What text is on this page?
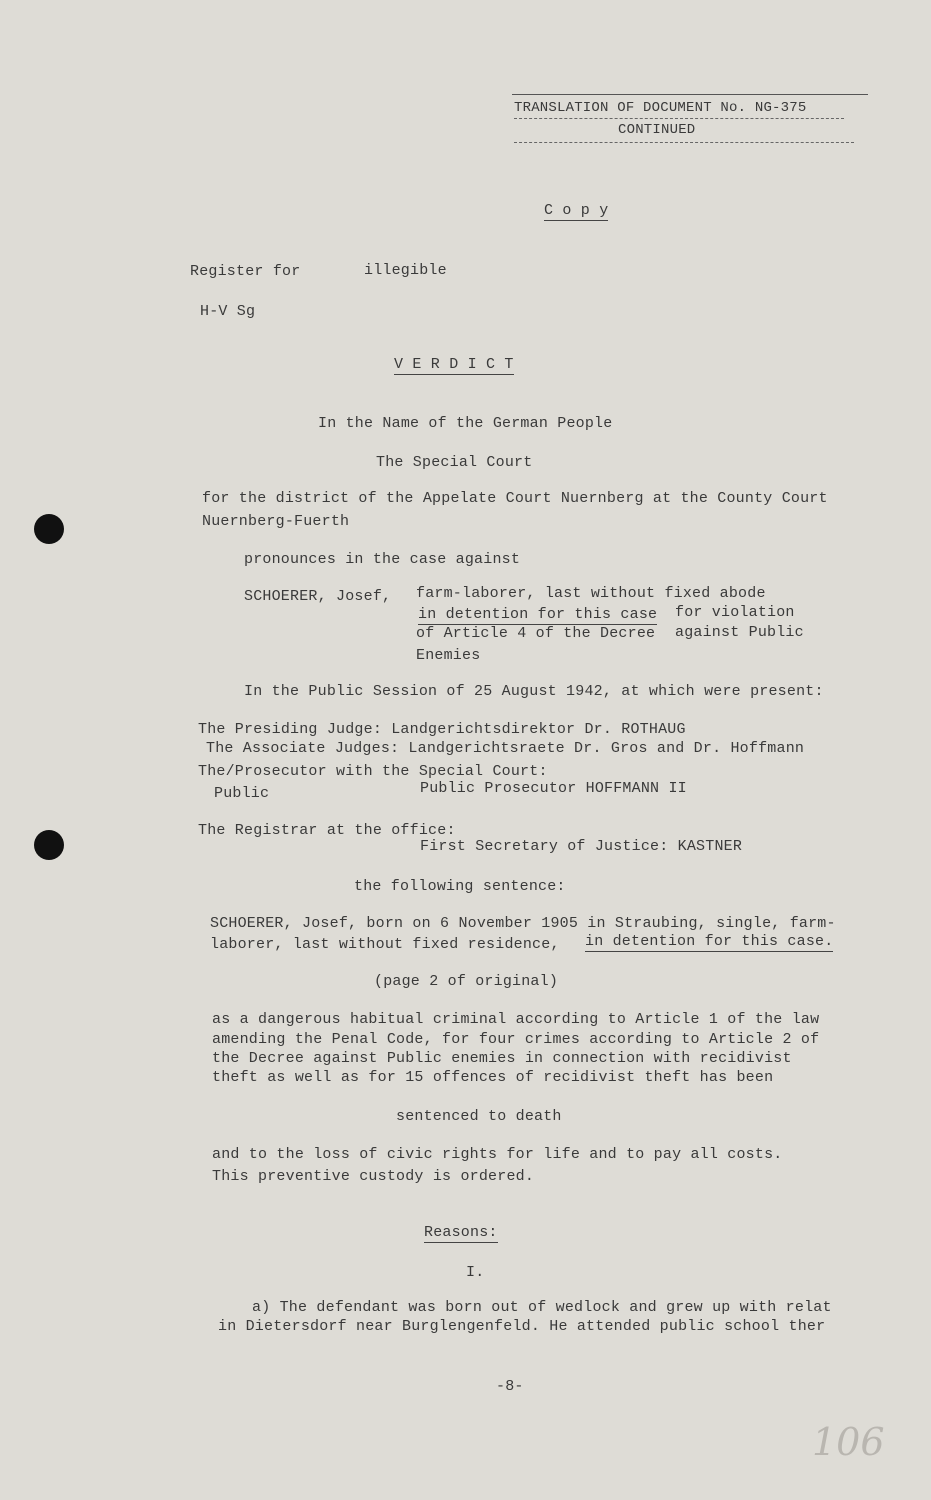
TRANSLATION OF DOCUMENT No. NG-375
CONTINUED
C o p y
Register for	illegible
H-V Sg
V E R D I C T
In the Name of the German People
The Special Court
for the district of the Appelate Court Nuernberg at the County Court
Nuernberg-Fuerth
pronounces in the case against
SCHOERER, Josef, farm-laborer, last without fixed abode
in detention for this case for violation
of Article 4 of the Decree against Public
Enemies
In the Public Session of 25 August 1942, at which were present:
The Presiding Judge: Landgerichtsdirektor Dr. ROTHAUG
The Associate Judges: Landgerichtsraete Dr. Gros and Dr. Hoffmann
The/Prosecutor with the Special Court:
Public	Public Prosecutor HOFFMANN II
The Registrar at the office:
First Secretary of Justice: KASTNER
the following sentence:
SCHOERER, Josef, born on 6 November 1905 in Straubing, single, farm-
laborer, last without fixed residence, in detention for this case.
(page 2 of original)
as a dangerous habitual criminal according to Article 1 of the law
amending the Penal Code, for four crimes according to Article 2 of
the Decree against Public enemies in connection with recidivist
theft as well as for 15 offences of recidivist theft has been
sentenced to death
and to the loss of civic rights for life and to pay all costs.
This preventive custody is ordered.
Reasons:
I.
a) The defendant was born out of wedlock and grew up with relat
in Dietersdorf near Burglengenfeld. He attended public school ther
-8-
106
